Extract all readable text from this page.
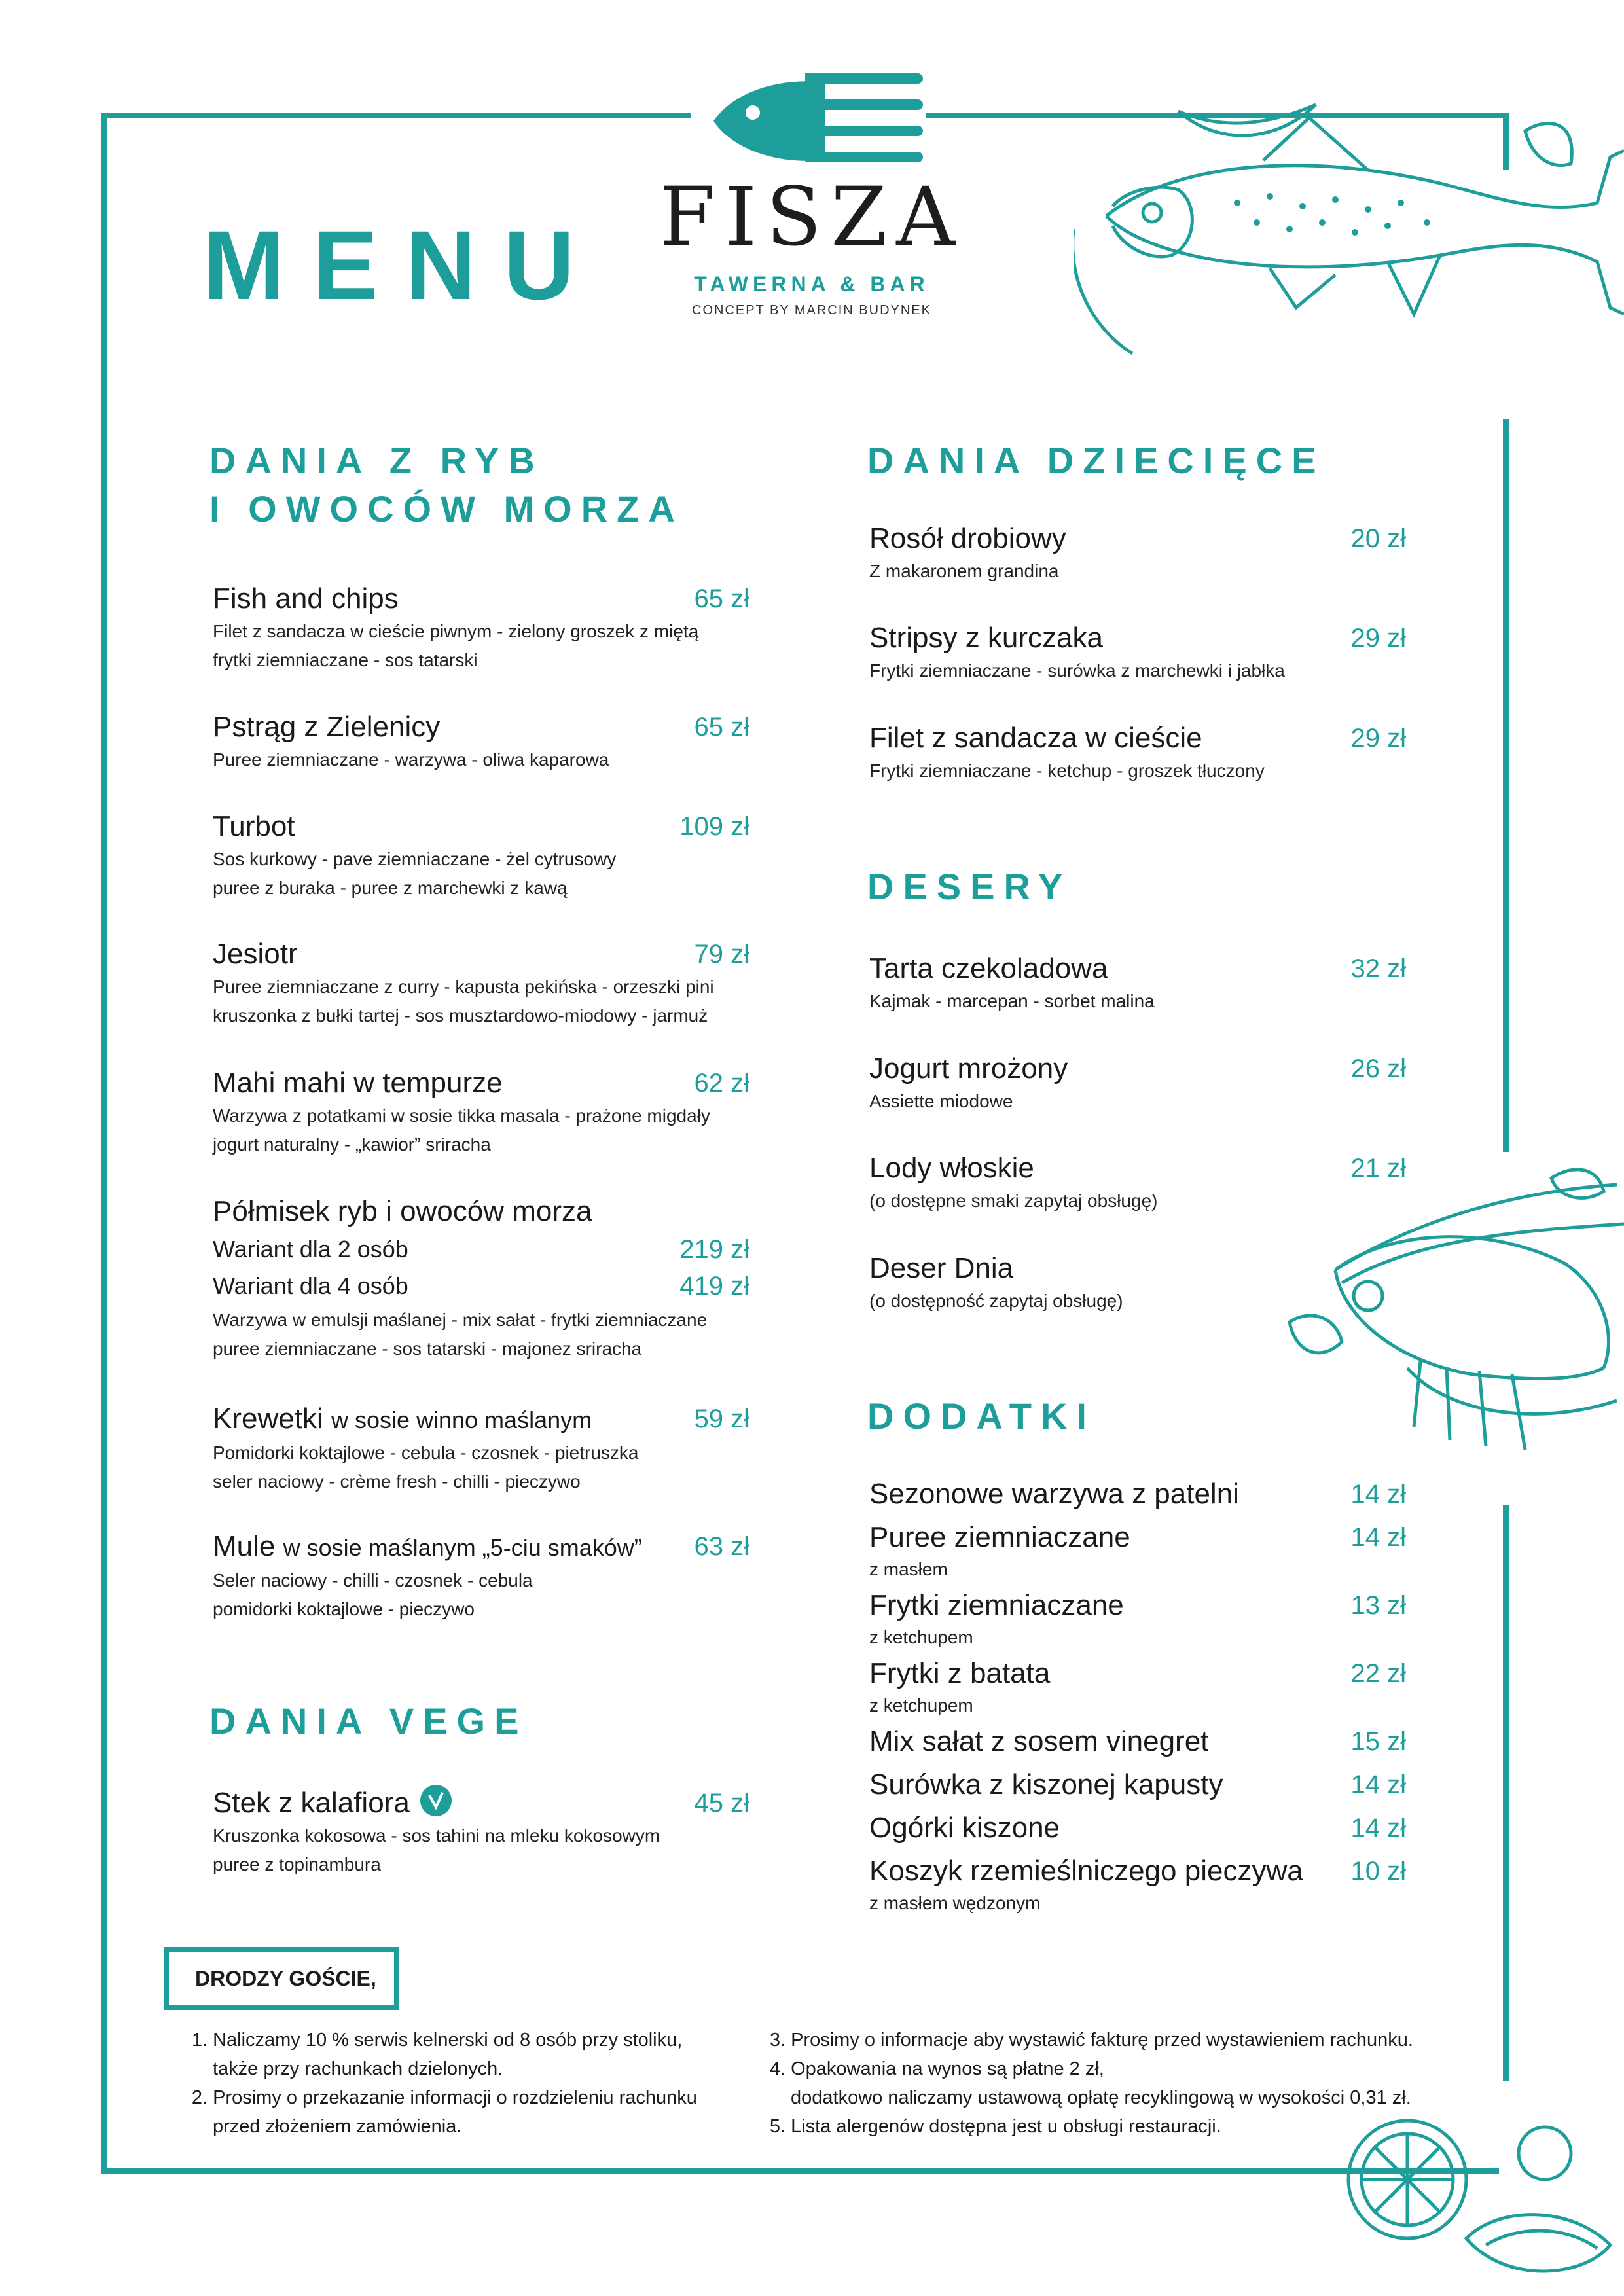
FISZA
TAWERNA & BAR
CONCEPT BY MARCIN BUDYNEK
MENU
DANIA Z RYB
I OWOCÓW MORZA
Fish and chips	65 zł
Filet z sandacza w cieście piwnym - zielony groszek z miętą
frytki ziemniaczane - sos tatarski
Pstrąg z Zielenicy	65 zł
Puree ziemniaczane - warzywa - oliwa kaparowa
Turbot	109 zł
Sos kurkowy - pave ziemniaczane - żel cytrusowy
puree z buraka - puree z marchewki z kawą
Jesiotr	79 zł
Puree ziemniaczane z curry - kapusta pekińska - orzeszki pini
kruszonka z bułki tartej - sos musztardowo-miodowy - jarmuż
Mahi mahi w tempurze	62 zł
Warzywa z potatkami w sosie tikka masala - prażone migdały
jogurt naturalny - „kawior” sriracha
Półmisek ryb i owoców morza
Wariant dla 2 osób	219 zł
Wariant dla 4 osób	419 zł
Warzywa w emulsji maślanej - mix sałat - frytki ziemniaczane
puree ziemniaczane - sos tatarski - majonez sriracha
Krewetki w sosie winno maślanym	59 zł
Pomidorki koktajlowe - cebula - czosnek - pietruszka
seler naciowy - crème fresh - chilli - pieczywo
Mule w sosie maślanym „5-ciu smaków”	63 zł
Seler naciowy - chilli - czosnek - cebula
pomidorki koktajlowe - pieczywo
DANIA VEGE
Stek z kalafiora	45 zł
Kruszonka kokosowa - sos tahini na mleku kokosowym
puree z topinambura
DANIA DZIECIĘCE
Rosół drobiowy	20 zł
Z makaronem grandina
Stripsy z kurczaka	29 zł
Frytki ziemniaczane - surówka z marchewki i jabłka
Filet z sandacza w cieście	29 zł
Frytki ziemniaczane - ketchup - groszek tłuczony
DESERY
Tarta czekoladowa	32 zł
Kajmak - marcepan - sorbet malina
Jogurt mrożony	26 zł
Assiette miodowe
Lody włoskie	21 zł
(o dostępne smaki zapytaj obsługę)
Deser Dnia
(o dostępność zapytaj obsługę)
DODATKI
Sezonowe warzywa z patelni	14 zł
Puree ziemniaczane	14 zł
z masłem
Frytki ziemniaczane	13 zł
z ketchupem
Frytki z batata	22 zł
z ketchupem
Mix sałat z sosem vinegret	15 zł
Surówka z kiszonej kapusty	14 zł
Ogórki kiszone	14 zł
Koszyk rzemieślniczego pieczywa 10 zł
z masłem wędzonym
DRODZY GOŚCIE,
1. Naliczamy 10 % serwis kelnerski od 8 osób przy stoliku,
także przy rachunkach dzielonych.
2. Prosimy o przekazanie informacji o rozdzieleniu rachunku
przed złożeniem zamówienia.
3. Prosimy o informacje aby wystawić fakturę przed wystawieniem rachunku.
4. Opakowania na wynos są płatne 2 zł,
dodatkowo naliczamy ustawową opłatę recyklingową w wysokości 0,31 zł.
5. Lista alergenów dostępna jest u obsługi restauracji.
